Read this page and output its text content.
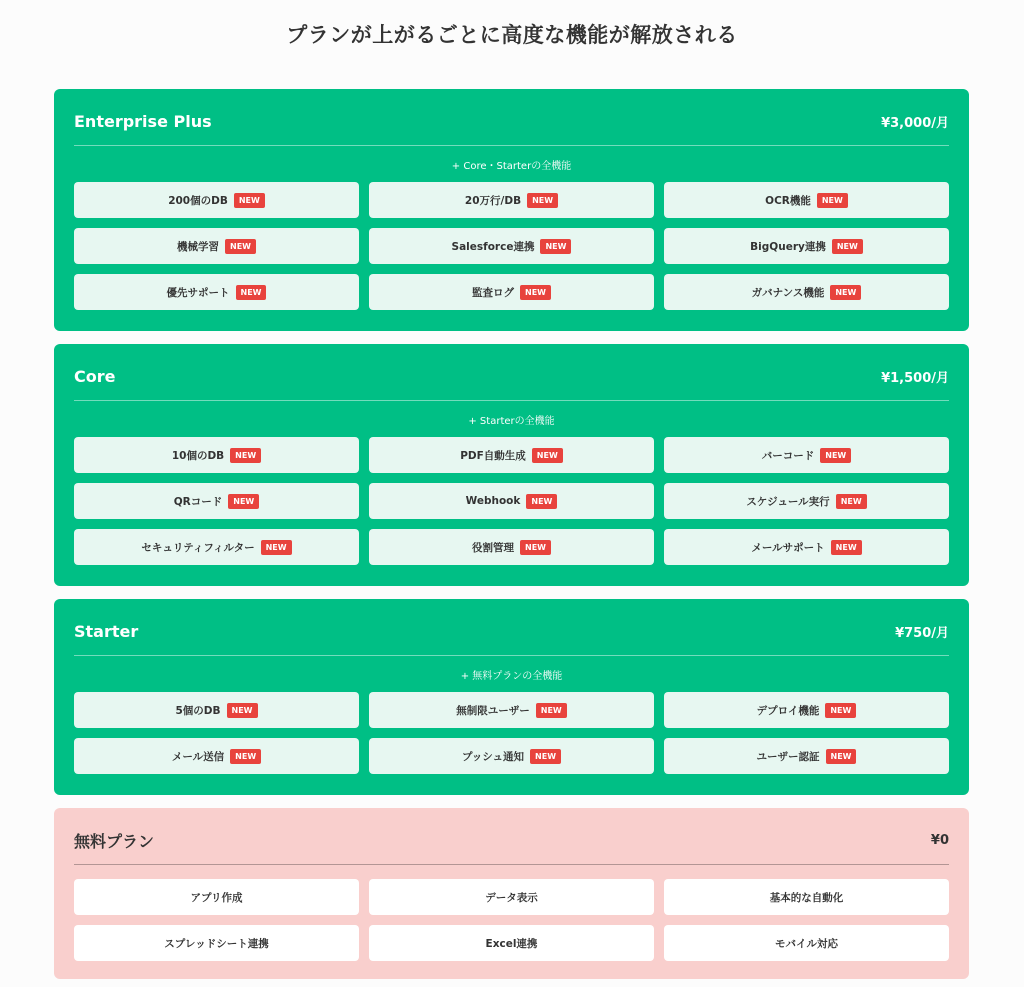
プランが上がるごとに高度な機能が解放される
Enterprise Plus	¥3,000/月
+ Core・Starterの全機能
200個のDB	NEW	20万行/DB	NEW	OCR機能	NEW
機械学習	NEW	Salesforce連携	NEW	BigQuery連携	NEW
優先サポート	NEW	監査ログ	NEW	ガバナンス機能	NEW
Core	¥1,500/月
+ Starterの全機能
10個のDB	NEW	PDF自動生成	NEW	バーコード	NEW
QRコード	NEW	Webhook	NEW	スケジュール実行	NEW
セキュリティフィルター	NEW	役割管理	NEW	メールサポート	NEW
Starter	¥750/月
+ 無料プランの全機能
5個のDB	NEW	無制限ユーザー	NEW	デプロイ機能	NEW
メール送信	NEW	プッシュ通知	NEW	ユーザー認証	NEW
無料プラン	¥0
アプリ作成	データ表示	基本的な自動化
スプレッドシート連携	Excel連携	モバイル対応
